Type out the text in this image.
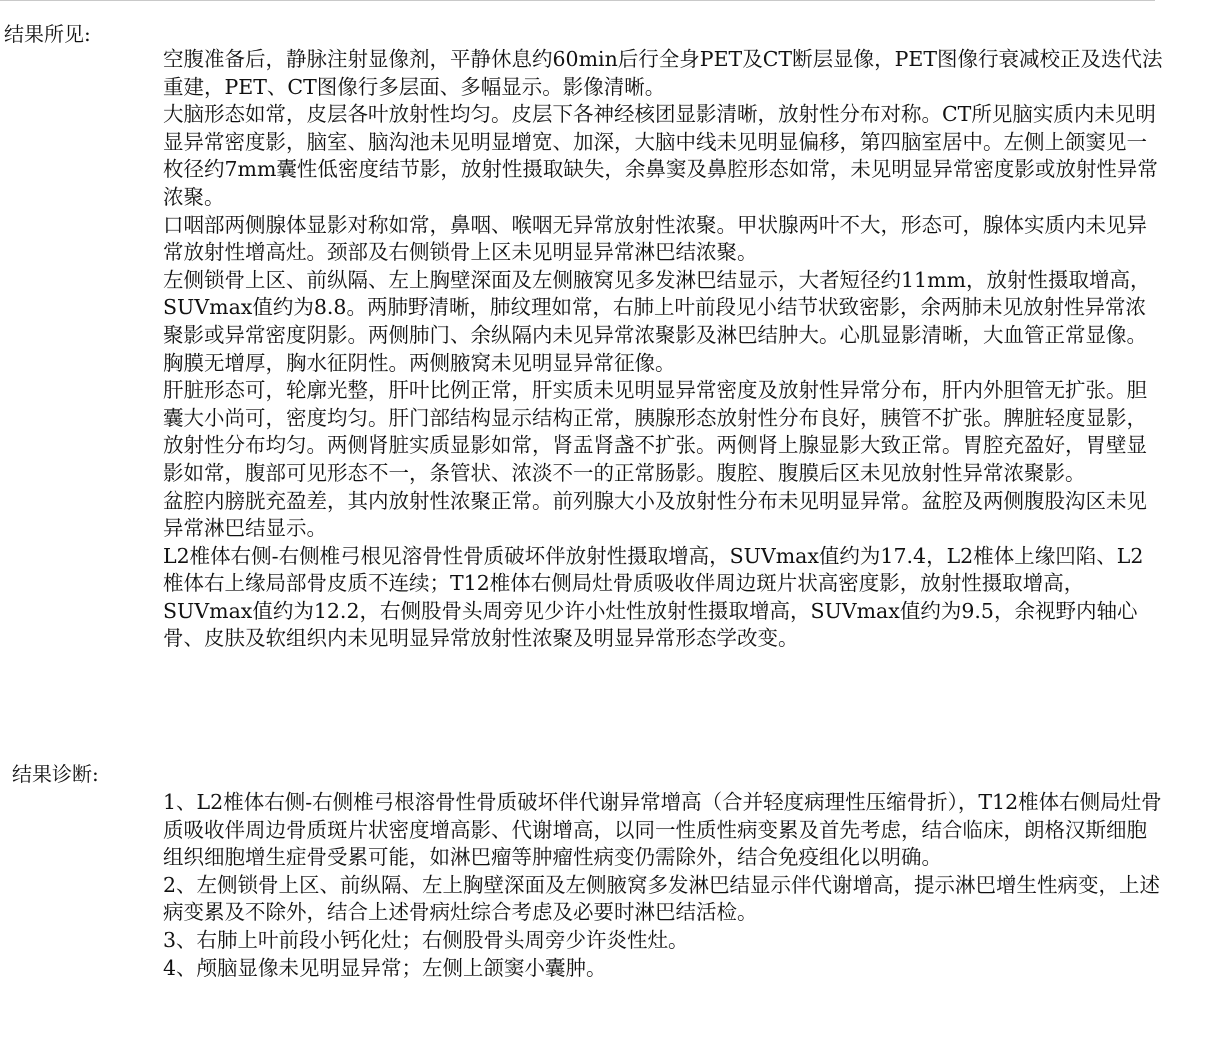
结果所见:

空腹准备后，静脉注射显像剂，平静休息约60min后行全身PET及CT断层显像，PET图像行衰减校正及迭代法重建，PET、CT图像行多层面、多幅显示。影像清晰。

大脑形态如常，皮层各叶放射性均匀。皮层下各神经核团显影清晰，放射性分布对称。CT所见脑实质内未见明显异常密度影，脑室、脑沟池未见明显增宽、加深，大脑中线未见明显偏移，第四脑室居中。左侧上颌窦见一枚径约7mm囊性低密度结节影，放射性摄取缺失，余鼻窦及鼻腔形态如常，未见明显异常密度影或放射性异常浓聚。

口咽部两侧腺体显影对称如常，鼻咽、喉咽无异常放射性浓聚。甲状腺两叶不大，形态可，腺体实质内未见异常放射性增高灶。颈部及右侧锁骨上区未见明显异常淋巴结浓聚。

左侧锁骨上区、前纵隔、左上胸壁深面及左侧腋窝见多发淋巴结显示，大者短径约11mm，放射性摄取增高，SUVmax值约为8.8。两肺野清晰，肺纹理如常，右肺上叶前段见小结节状致密影，余两肺未见放射性异常浓聚影或异常密度阴影。两侧肺门、余纵隔内未见异常浓聚影及淋巴结肿大。心肌显影清晰，大血管正常显像。胸膜无增厚，胸水征阴性。两侧腋窝未见明显异常征像。

肝脏形态可，轮廓光整，肝叶比例正常，肝实质未见明显异常密度及放射性异常分布，肝内外胆管无扩张。胆囊大小尚可，密度均匀。肝门部结构显示结构正常，胰腺形态放射性分布良好，胰管不扩张。脾脏轻度显影，放射性分布均匀。两侧肾脏实质显影如常，肾盂肾盏不扩张。两侧肾上腺显影大致正常。胃腔充盈好，胃壁显影如常，腹部可见形态不一，条管状、浓淡不一的正常肠影。腹腔、腹膜后区未见放射性异常浓聚影。

盆腔内膀胱充盈差，其内放射性浓聚正常。前列腺大小及放射性分布未见明显异常。盆腔及两侧腹股沟区未见异常淋巴结显示。

L2椎体右侧-右侧椎弓根见溶骨性骨质破坏伴放射性摄取增高，SUVmax值约为17.4，L2椎体上缘凹陷、L2椎体右上缘局部骨皮质不连续；T12椎体右侧局灶骨质吸收伴周边斑片状高密度影，放射性摄取增高，SUVmax值约为12.2，右侧股骨头周旁见少许小灶性放射性摄取增高，SUVmax值约为9.5，余视野内轴心骨、皮肤及软组织内未见明显异常放射性浓聚及明显异常形态学改变。

结果诊断:

1、L2椎体右侧-右侧椎弓根溶骨性骨质破坏伴代谢异常增高（合并轻度病理性压缩骨折），T12椎体右侧局灶骨质吸收伴周边骨质斑片状密度增高影、代谢增高，以同一性质性病变累及首先考虑，结合临床，朗格汉斯细胞组织细胞增生症骨受累可能，如淋巴瘤等肿瘤性病变仍需除外，结合免疫组化以明确。

2、左侧锁骨上区、前纵隔、左上胸壁深面及左侧腋窝多发淋巴结显示伴代谢增高，提示淋巴增生性病变，上述病变累及不除外，结合上述骨病灶综合考虑及必要时淋巴结活检。

3、右肺上叶前段小钙化灶；右侧股骨头周旁少许炎性灶。

4、颅脑显像未见明显异常；左侧上颌窦小囊肿。
